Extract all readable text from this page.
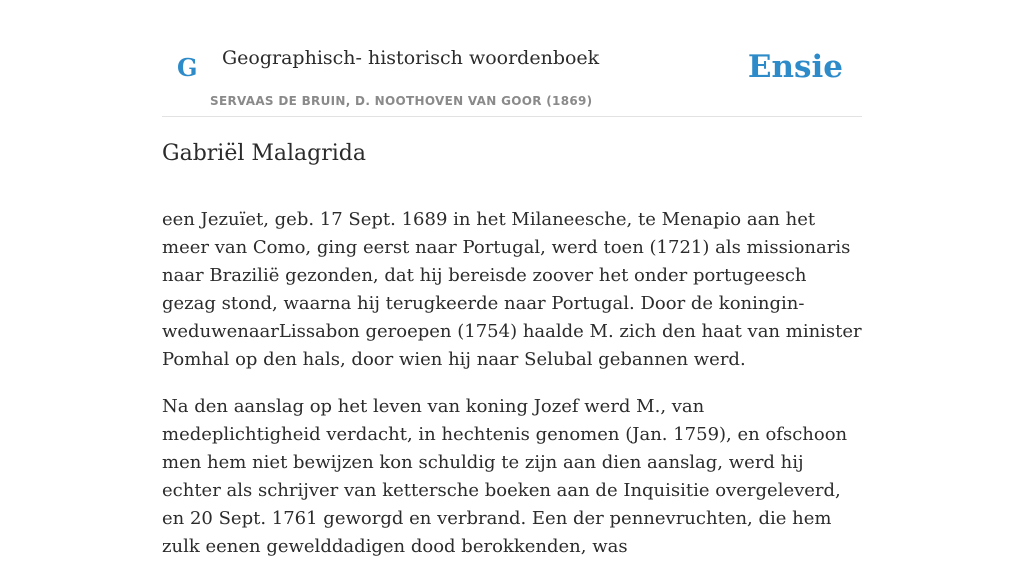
G Geographisch- historisch woordenboek
SERVAAS DE BRUIN, D. NOOTHOVEN VAN GOOR (1869)
Ensie
Gabriël Malagrida

een Jezuïet, geb. 17 Sept. 1689 in het Milaneesche, te Menapio aan het meer van Como, ging eerst naar Portugal, werd toen (1721) als missionaris naar Brazilië gezonden, dat hij bereisde zoover het onder portugeesch gezag stond, waarna hij terugkeerde naar Portugal. Door de koningin-weduwenaarLissabon geroepen (1754) haalde M. zich den haat van minister Pomhal op den hals, door wien hij naar Selubal gebannen werd.

Na den aanslag op het leven van koning Jozef werd M., van medeplichtigheid verdacht, in hechtenis genomen (Jan. 1759), en ofschoon men hem niet bewijzen kon schuldig te zijn aan dien aanslag, werd hij echter als schrijver van kettersche boeken aan de Inquisitie overgeleverd, en 20 Sept. 1761 geworgd en verbrand. Een der pennevruchten, die hem zulk eenen gewelddadigen dood berokkenden, was
